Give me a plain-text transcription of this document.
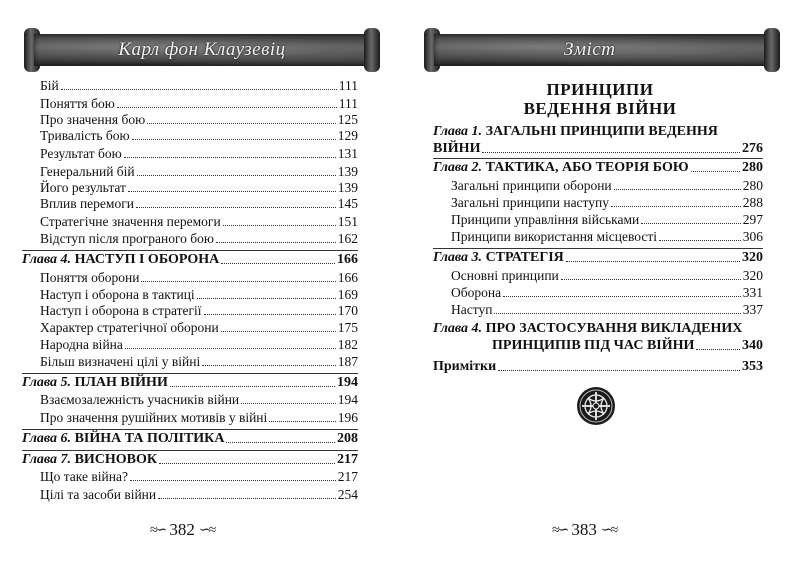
Карл фон Клаузевіц
Бій	111
Поняття бою	111
Про значення бою	125
Тривалість бою	129
Результат бою	131
Генеральний бій	139
Його результат	139
Вплив перемоги	145
Стратегічне значення перемоги	151
Відступ після програного бою	162
Глава 4. НАСТУП І ОБОРОНА	166
Поняття оборони	166
Наступ і оборона в тактиці	169
Наступ і оборона в стратегії	170
Характер стратегічної оборони	175
Народна війна	182
Більш визначені цілі у війні	187
Глава 5. ПЛАН ВІЙНИ	194
Взаємозалежність учасників війни	194
Про значення рушійних мотивів у війні	196
Глава 6. ВІЙНА ТА ПОЛІТИКА	208
Глава 7. ВИСНОВОК	217
Що таке війна?	217
Цілі та засоби війни	254
≈∽ 382 ∽≈
Зміст
ПРИНЦИПИ
ВЕДЕННЯ ВІЙНИ
Глава 1. ЗАГАЛЬНІ ПРИНЦИПИ ВЕДЕННЯ
ВІЙНИ	276
Глава 2. ТАКТИКА, АБО ТЕОРІЯ БОЮ	280
Загальні принципи оборони	280
Загальні принципи наступу	288
Принципи управління військами	297
Принципи використання місцевості	306
Глава 3. СТРАТЕГІЯ	320
Основні принципи	320
Оборона	331
Наступ	337
Глава 4. ПРО ЗАСТОСУВАННЯ ВИКЛАДЕНИХ
ПРИНЦИПІВ ПІД ЧАС ВІЙНИ	340
Примітки	353
≈∽ 383 ∽≈
